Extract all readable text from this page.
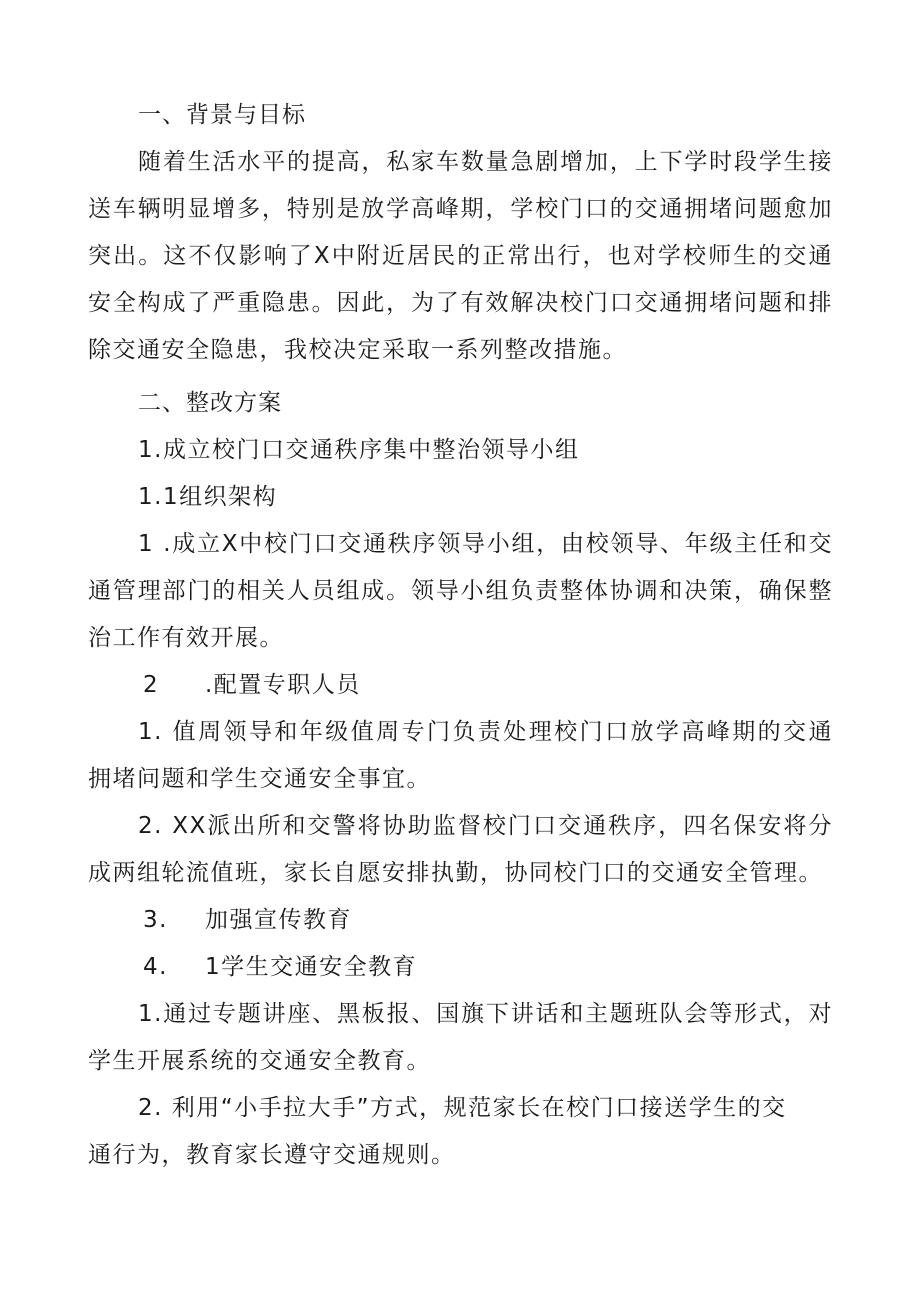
一、背景与目标

随着生活水平的提高，私家车数量急剧增加，上下学时段学生接送车辆明显增多，特别是放学高峰期，学校门口的交通拥堵问题愈加突出。这不仅影响了X中附近居民的正常出行，也对学校师生的交通安全构成了严重隐患。因此，为了有效解决校门口交通拥堵问题和排除交通安全隐患，我校决定采取一系列整改措施。

二、整改方案

1.成立校门口交通秩序集中整治领导小组

1.1组织架构

1 .成立X中校门口交通秩序领导小组，由校领导、年级主任和交通管理部门的相关人员组成。领导小组负责整体协调和决策，确保整治工作有效开展。

2 .配置专职人员

1. 值周领导和年级值周专门负责处理校门口放学高峰期的交通拥堵问题和学生交通安全事宜。

2. XX派出所和交警将协助监督校门口交通秩序，四名保安将分成两组轮流值班，家长自愿安排执勤，协同校门口的交通安全管理。

3. 加强宣传教育

4. 1学生交通安全教育

1.通过专题讲座、黑板报、国旗下讲话和主题班队会等形式，对学生开展系统的交通安全教育。

2. 利用“小手拉大手”方式，规范家长在校门口接送学生的交

通行为，教育家长遵守交通规则。
